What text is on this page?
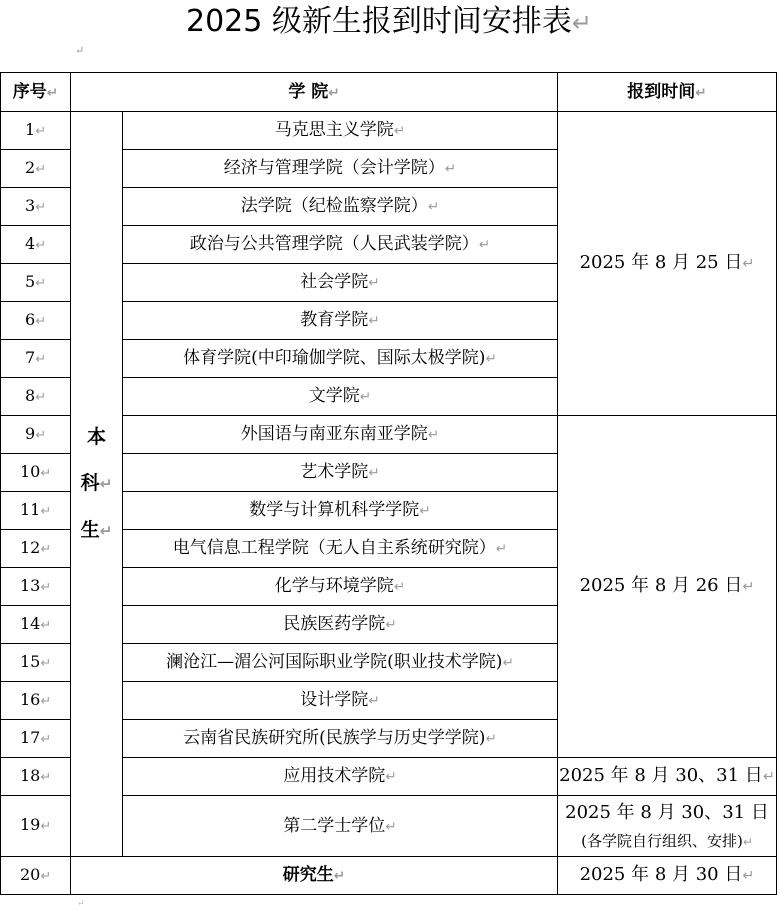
2025 级新生报到时间安排表↵
↵
序号↵	学 院↵		报到时间↵
1↵	本
科↵
生↵	马克思主义学院↵	2025 年 8 月 25 日↵
2↵		经济与管理学院（会计学院）↵	
3↵		法学院（纪检监察学院）↵	
4↵		政治与公共管理学院（人民武装学院）↵	
5↵		社会学院↵	
6↵		教育学院↵	
7↵		体育学院(中印瑜伽学院、国际太极学院)↵	
8↵		文学院↵	
9↵		外国语与南亚东南亚学院↵	2025 年 8 月 26 日↵
10↵		艺术学院↵	
11↵		数学与计算机科学学院↵	
12↵		电气信息工程学院（无人自主系统研究院）↵	
13↵		化学与环境学院↵	
14↵		民族医药学院↵	
15↵		澜沧江—湄公河国际职业学院(职业技术学院)↵	
16↵		设计学院↵	
17↵		云南省民族研究所(民族学与历史学学院)↵	
18↵		应用技术学院↵	2025 年 8 月 30、31 日↵
19↵		第二学士学位↵	2025 年 8 月 30、31 日
(各学院自行组织、安排)↵

20↵	研究生↵		2025 年 8 月 30 日↵
↵
